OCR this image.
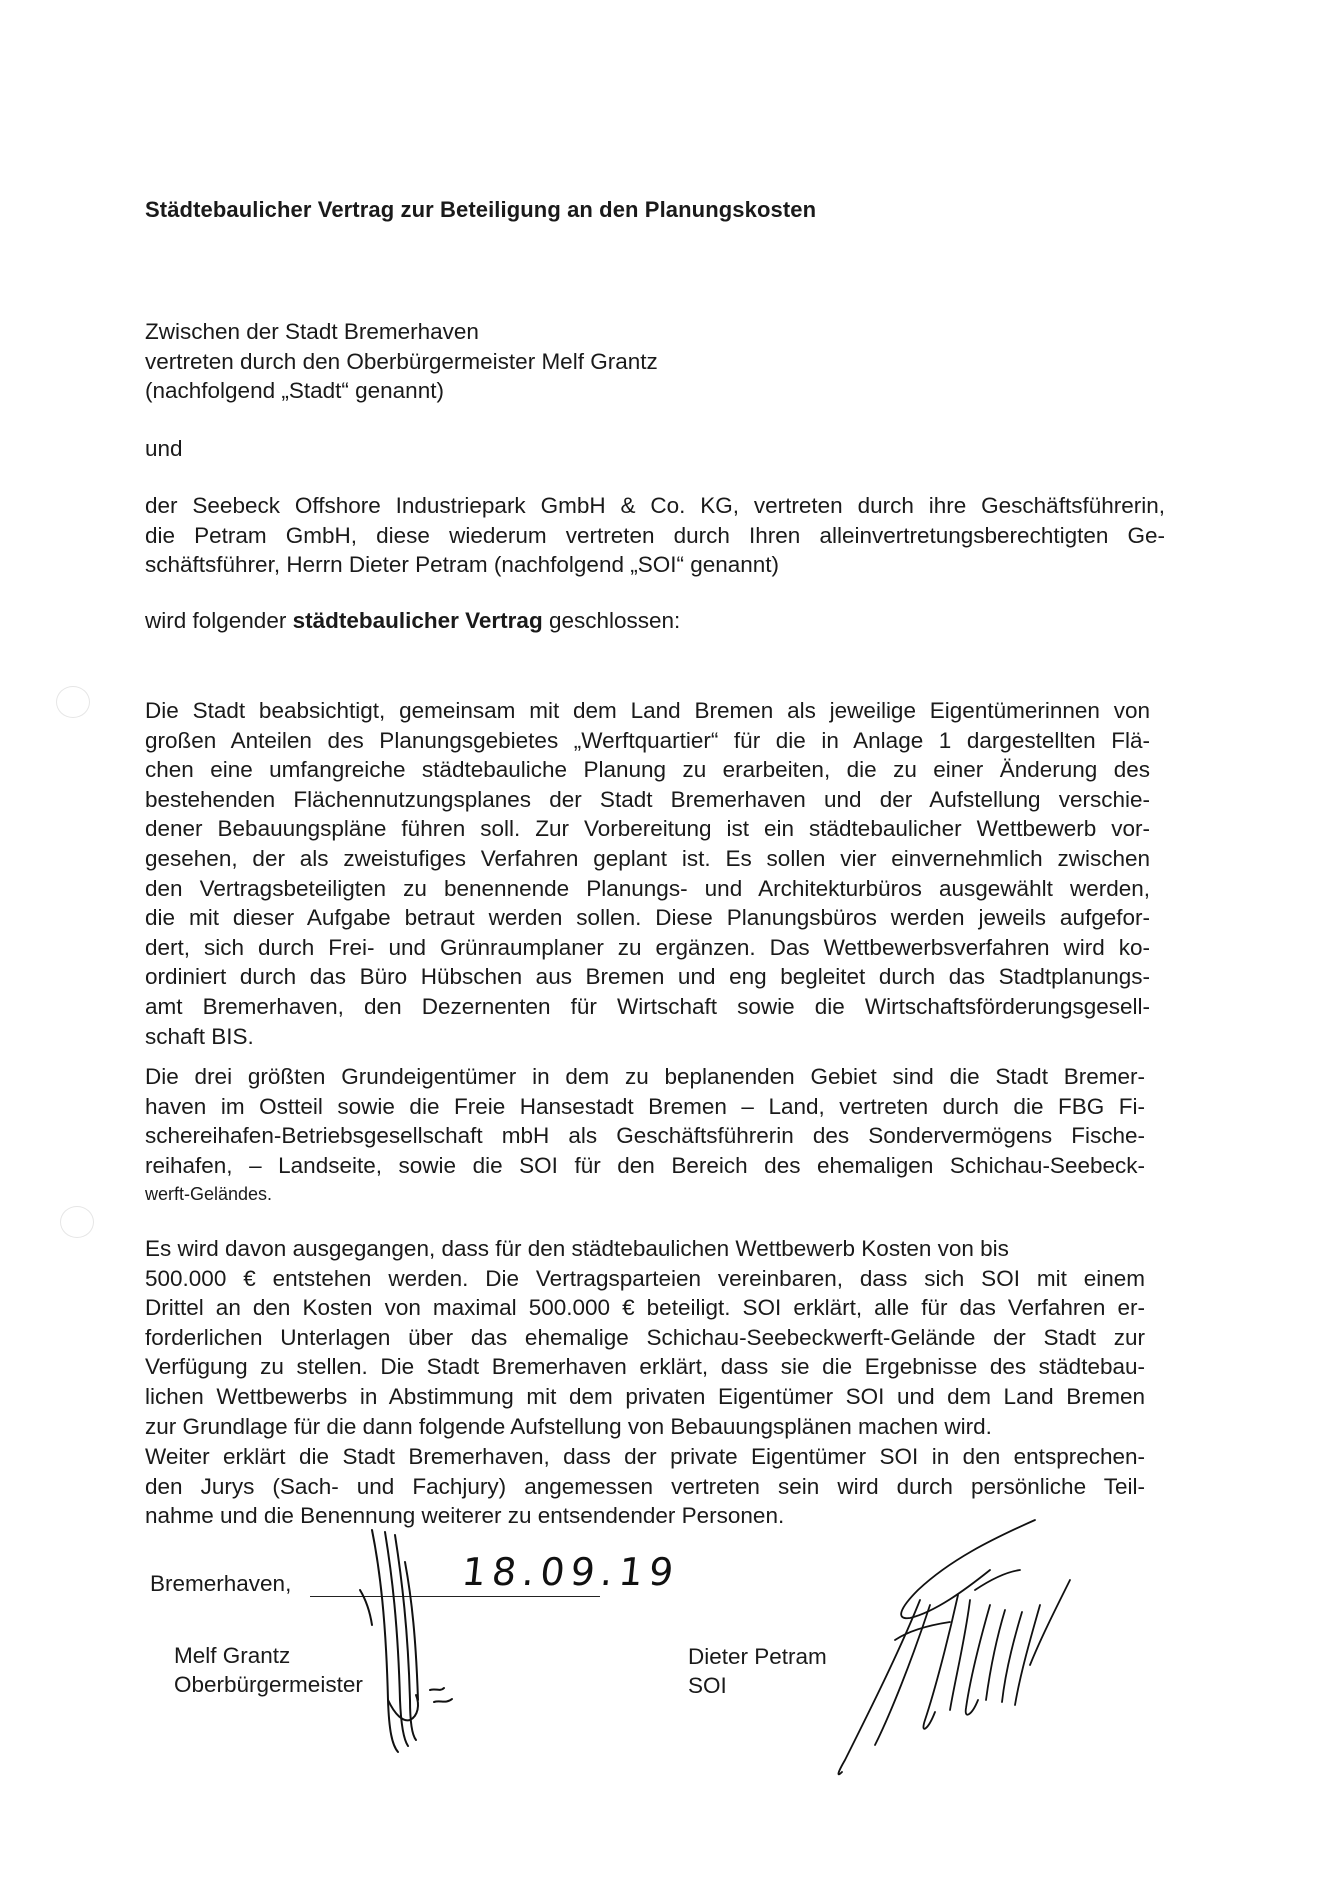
Städtebaulicher Vertrag zur Beteiligung an den Planungskosten
Zwischen der Stadt Bremerhaven
vertreten durch den Oberbürgermeister Melf Grantz
(nachfolgend „Stadt“ genannt)
und
der Seebeck Offshore Industriepark GmbH & Co. KG, vertreten durch ihre Geschäftsführerin,
die Petram GmbH, diese wiederum vertreten durch Ihren alleinvertretungsberechtigten Ge-
schäftsführer, Herrn Dieter Petram (nachfolgend „SOI“ genannt)
wird folgender städtebaulicher Vertrag geschlossen:
Die Stadt beabsichtigt, gemeinsam mit dem Land Bremen als jeweilige Eigentümerinnen von
großen Anteilen des Planungsgebietes „Werftquartier“ für die in Anlage 1 dargestellten Flä-
chen eine umfangreiche städtebauliche Planung zu erarbeiten, die zu einer Änderung des
bestehenden Flächennutzungsplanes der Stadt Bremerhaven und der Aufstellung verschie-
dener Bebauungspläne führen soll. Zur Vorbereitung ist ein städtebaulicher Wettbewerb vor-
gesehen, der als zweistufiges Verfahren geplant ist. Es sollen vier einvernehmlich zwischen
den Vertragsbeteiligten zu benennende Planungs- und Architekturbüros ausgewählt werden,
die mit dieser Aufgabe betraut werden sollen. Diese Planungsbüros werden jeweils aufgefor-
dert, sich durch Frei- und Grünraumplaner zu ergänzen. Das Wettbewerbsverfahren wird ko-
ordiniert durch das Büro Hübschen aus Bremen und eng begleitet durch das Stadtplanungs-
amt Bremerhaven, den Dezernenten für Wirtschaft sowie die Wirtschaftsförderungsgesell-
schaft BIS.
Die drei größten Grundeigentümer in dem zu beplanenden Gebiet sind die Stadt Bremer-
haven im Ostteil sowie die Freie Hansestadt Bremen – Land, vertreten durch die FBG Fi-
schereihafen-Betriebsgesellschaft mbH als Geschäftsführerin des Sondervermögens Fische-
reihafen, – Landseite, sowie die SOI für den Bereich des ehemaligen Schichau-Seebeck-
werft-Geländes.
Es wird davon ausgegangen, dass für den städtebaulichen Wettbewerb Kosten von bis
500.000 € entstehen werden. Die Vertragsparteien vereinbaren, dass sich SOI mit einem
Drittel an den Kosten von maximal 500.000 € beteiligt. SOI erklärt, alle für das Verfahren er-
forderlichen Unterlagen über das ehemalige Schichau-Seebeckwerft-Gelände der Stadt zur
Verfügung zu stellen. Die Stadt Bremerhaven erklärt, dass sie die Ergebnisse des städtebau-
lichen Wettbewerbs in Abstimmung mit dem privaten Eigentümer SOI und dem Land Bremen
zur Grundlage für die dann folgende Aufstellung von Bebauungsplänen machen wird.
Weiter erklärt die Stadt Bremerhaven, dass der private Eigentümer SOI in den entsprechen-
den Jurys (Sach- und Fachjury) angemessen vertreten sein wird durch persönliche Teil-
nahme und die Benennung weiterer zu entsendender Personen.
Bremerhaven,	18.09.19
Melf Grantz
Oberbürgermeister
Dieter Petram
SOI
